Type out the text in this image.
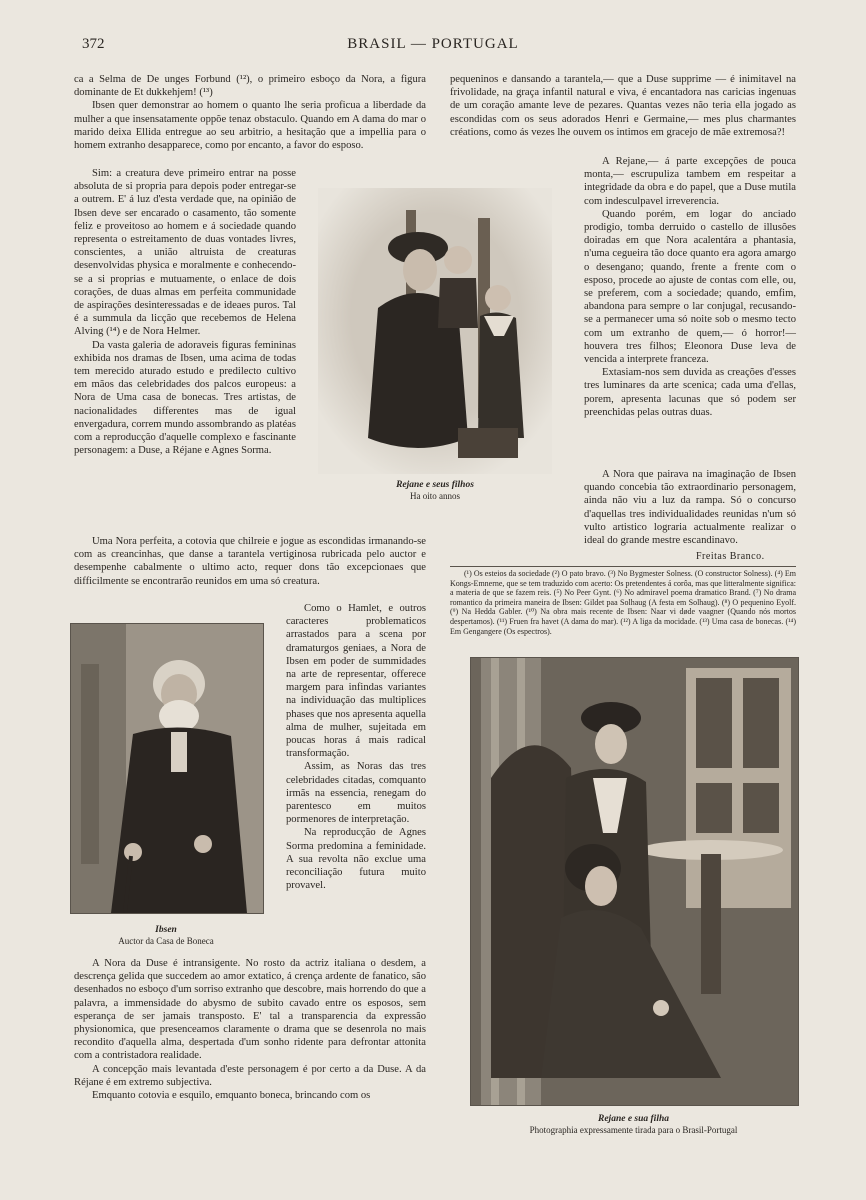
372	BRASIL — PORTUGAL

ca a Selma de De unges Forbund (¹²), o primeiro esboço da Nora, a figura dominante de Et dukkehjem! (¹³)

Ibsen quer demonstrar ao homem o quanto lhe seria proficua a liberdade da mulher a que insensatamente oppõe tenaz obstaculo. Quando em A dama do mar o marido deixa Ellida entregue ao seu arbitrio, a hesitação que a impellia para o homem extranho desapparece, como por encanto, a favor do esposo.

Sim: a creatura deve primeiro entrar na posse absoluta de si propria para depois poder entregar-se a outrem. E' á luz d'esta verdade que, na opinião de Ibsen deve ser encarado o casamento, tão somente feliz e proveitoso ao homem e á sociedade quando representa o estreitamento de duas vontades livres, conscientes, a união altruista de creaturas desenvolvidas physica e moralmente e conhecendo-se a si proprias e mutuamente, o enlace de dois corações, de duas almas em perfeita communidade de aspirações desinteressadas e de ideaes puros. Tal é a summula da licção que recebemos de Helena Alving (¹⁴) e de Nora Helmer.

Da vasta galeria de adoraveis figuras femininas exhibida nos dramas de Ibsen, uma acima de todas tem merecido aturado estudo e predilecto cultivo em mãos das celebridades dos palcos europeus: a Nora de Uma casa de bonecas. Tres artistas, de nacionalidades differentes mas de igual envergadura, correm mundo assombrando as platéas com a reproducção d'aquelle complexo e fascinante personagem: a Duse, a Réjane e Agnes Sorma.

Uma Nora perfeita, a cotovia que chilreie e jogue as escondidas irmanando-se com as creancinhas, que danse a tarantela vertiginosa rubricada pelo auctor e desempenhe cabalmente o ultimo acto, requer dons tão excepcionaes que difficilmente se encontrarão reunidos em uma só creatura.

Como o Hamlet, e outros caracteres problematicos arrastados para a scena por dramaturgos geniaes, a Nora de Ibsen em poder de summidades na arte de representar, offerece margem para infindas variantes na individuação das multiplices phases que nos apresenta aquella alma de mulher, sujeitada em poucas horas á mais radical transformação.

Assim, as Noras das tres celebridades citadas, comquanto irmãs na essencia, renegam do parentesco em muitos pormenores de interpretação.

Na reproducção de Agnes Sorma predomina a feminidade. A sua revolta não exclue uma reconciliação futura muito provavel.

A Nora da Duse é intransigente. No rosto da actriz italiana o desdem, a descrença gelida que succedem ao amor extatico, á crença ardente de fanatico, são desenhados no esboço d'um sorriso extranho que descobre, mais horrendo do que a palavra, a immensidade do abysmo de subito cavado entre os esposos, sem esperança de ser jamais transposto. E' tal a transparencia da expressão physionomica, que presenceamos claramente o drama que se desenrola no mais recondito d'aquella alma, despertada d'um sonho ridente para defrontar attonita com a contristadora realidade.

A concepção mais levantada d'este personagem é por certo a da Duse. A da Réjane é em extremo subjectiva.

Emquanto cotovia e esquilo, emquanto boneca, brincando com os

pequeninos e dansando a tarantela,— que a Duse supprime — é inimitavel na frivolidade, na graça infantil natural e viva, é encantadora nas caricias ingenuas de um coração amante leve de pezares. Quantas vezes não teria ella jogado as escondidas com os seus adorados Henri e Germaine,— mes plus charmantes créations, como ás vezes lhe ouvem os intimos em gracejo de mãe extremosa?!

A Rejane,— á parte excepções de pouca monta,— escrupuliza tambem em respeitar a integridade da obra e do papel, que a Duse mutila com indesculpavel irreverencia.

Quando porém, em logar do anciado prodigio, tomba derruido o castello de illusões doiradas em que Nora acalentára a phantasia, n'uma cegueira tão doce quanto era agora amargo o desengano; quando, frente a frente com o esposo, procede ao ajuste de contas com elle, ou, se preferem, com a sociedade; quando, emfim, abandona para sempre o lar conjugal, recusando-se a permanecer uma só noite sob o mesmo tecto com um extranho de quem,— ó horror!— houvera tres filhos; Eleonora Duse leva de vencida a interprete franceza.

Extasiam-nos sem duvida as creações d'esses tres luminares da arte scenica; cada uma d'ellas, porem, apresenta lacunas que só podem ser preenchidas pelas outras duas.

A Nora que pairava na imaginação de Ibsen quando concebia tão extraordinario personagem, ainda não viu a luz da rampa. Só o concurso d'aquellas tres individualidades reunidas n'um só vulto artistico lograria actualmente realizar o ideal do grande mestre escandinavo.

Freitas Branco.

(¹) Os esteios da sociedade (²) O pato bravo. (³) No Bygmester Solness. (O constructor Solness). (⁴) Em Kongs-Emnerne, que se tem traduzido com acerto: Os pretendentes á corôa, mas que litteralmente significa: a materia de que se fazem reis. (⁵) No Peer Gynt. (⁶) No admiravel poema dramatico Brand. (⁷) No drama romantico da primeira maneira de Ibsen: Gildet paa Solhaug (A festa em Solhaug). (⁸) O pequenino Eyolf. (⁹) Na Hedda Gabler. (¹⁰) Na obra mais recente de Ibsen: Naar vi døde vaagner (Quando nós mortos despertamos). (¹¹) Fruen fra havet (A dama do mar). (¹²) A liga da mocidade. (¹³) Uma casa de bonecas. (¹⁴) Em Gengangere (Os espectros).

Rejane e seus filhos
Ha oito annos
Ibsen
Auctor da Casa de Boneca
Rejane e sua filha
Photographia expressamente tirada para o Brasil-Portugal
